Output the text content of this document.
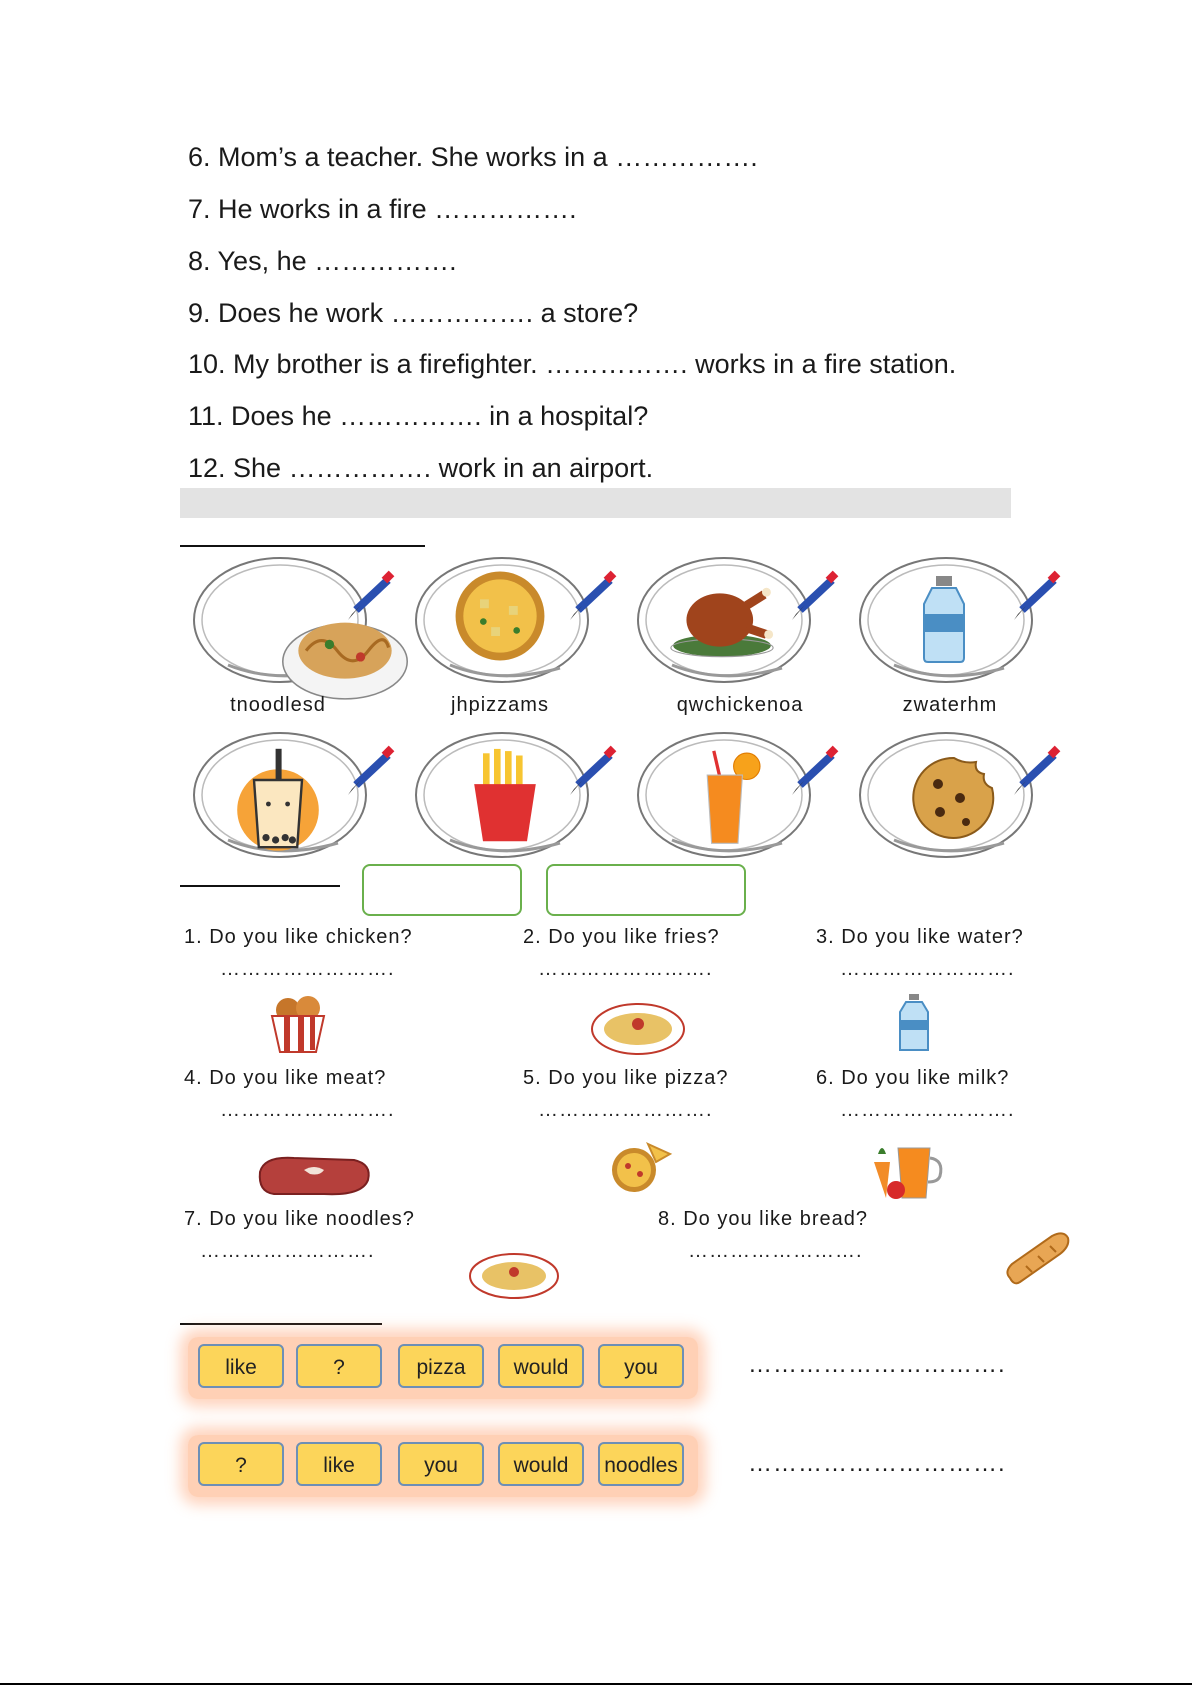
6. Mom’s a teacher. She works in a …………….
7. He works in a fire …………….
8. Yes, he …………….
9. Does he work ……………. a store?
10. My brother is a firefighter. ……………. works in a fire station.
11. Does he ……………. in a hospital?
12. She ……………. work in an airport.
tnoodlesd	jhpizzams	qwchickenoa	zwaterhm
1. Do you like chicken?	2. Do you like fries?	3. Do you like water?
…………………….	…………………….	…………………….
4. Do you like meat?	5. Do you like pizza?	6. Do you like milk?
…………………….	…………………….	…………………….
7. Do you like noodles?	8. Do you like bread?
…………………….	…………………….
like	?	pizza	would	you	………………………….
?	like	you	would	noodles	………………………….
